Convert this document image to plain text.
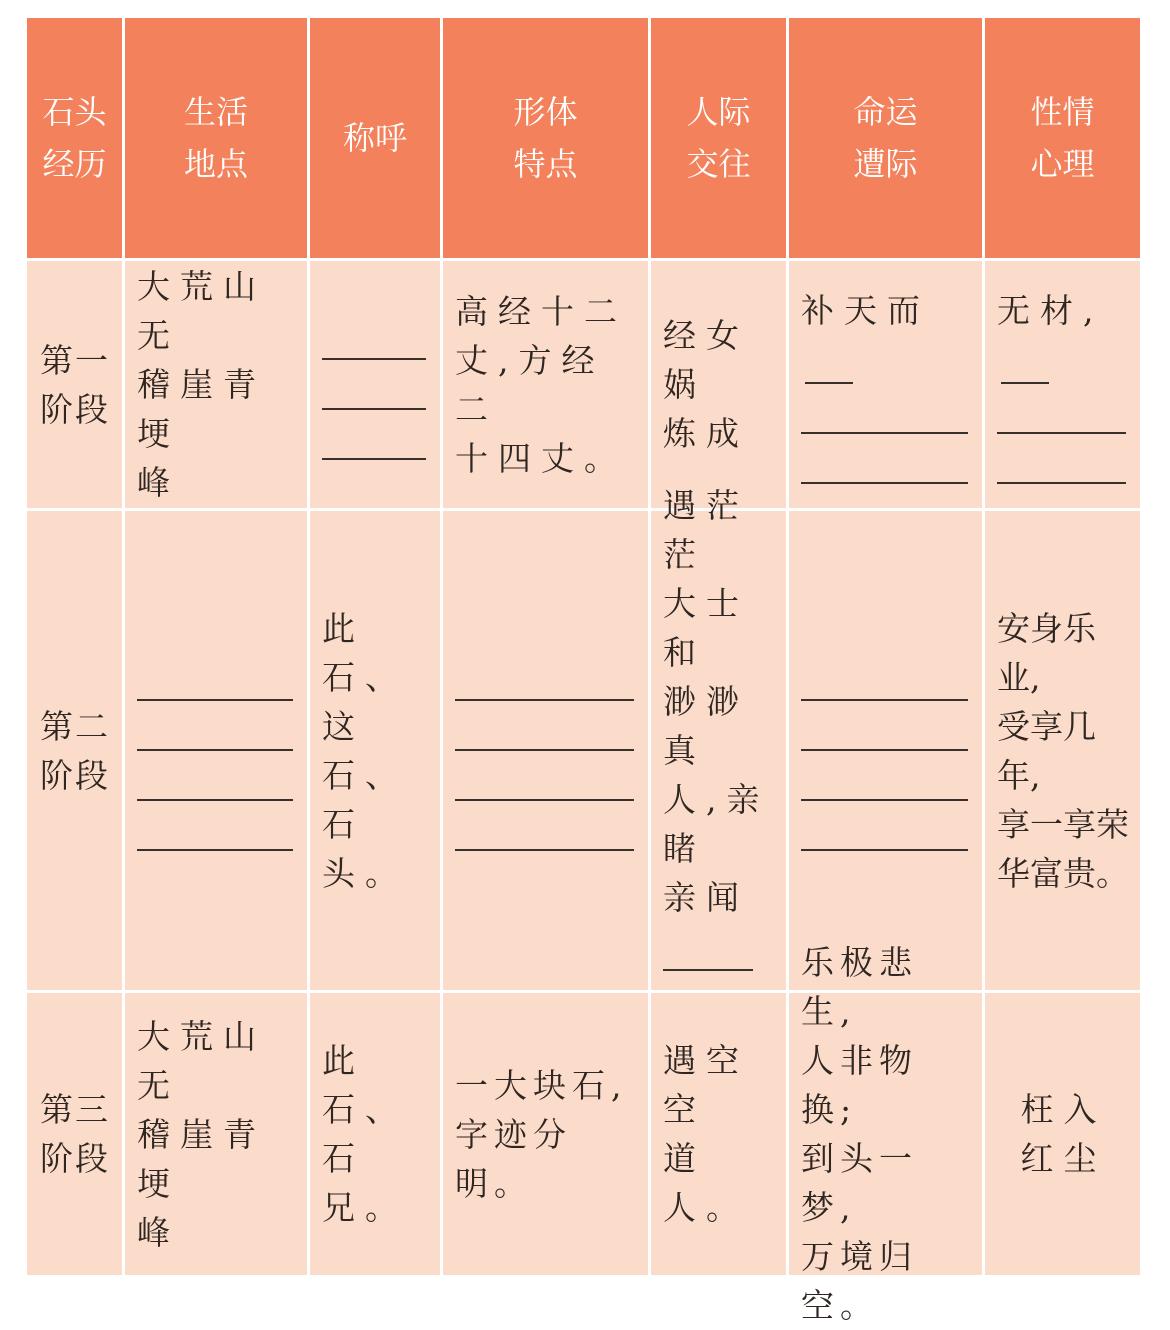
石头
经历
生活
地点
称呼
形体
特点
人际
交往
命运
遭际
性情
心理
第一
阶段
大荒山无
稽崖青埂
峰
高经十二
丈,方经二
十四丈。
经女娲
炼成
补天而	无材,
第二
阶段
此石、
这石、
石头。
遇茫茫
大士和
渺渺真
人,亲睹
亲闻
安身乐业,
受享几年,
享一享荣
华富贵。
第三
阶段
大荒山无
稽崖青埂
峰
此石、
石兄。
一大块石,
字迹分明。
遇空空
道人。
乐极悲生,
人非物换;
到头一梦,
万境归空。
枉入
红尘
